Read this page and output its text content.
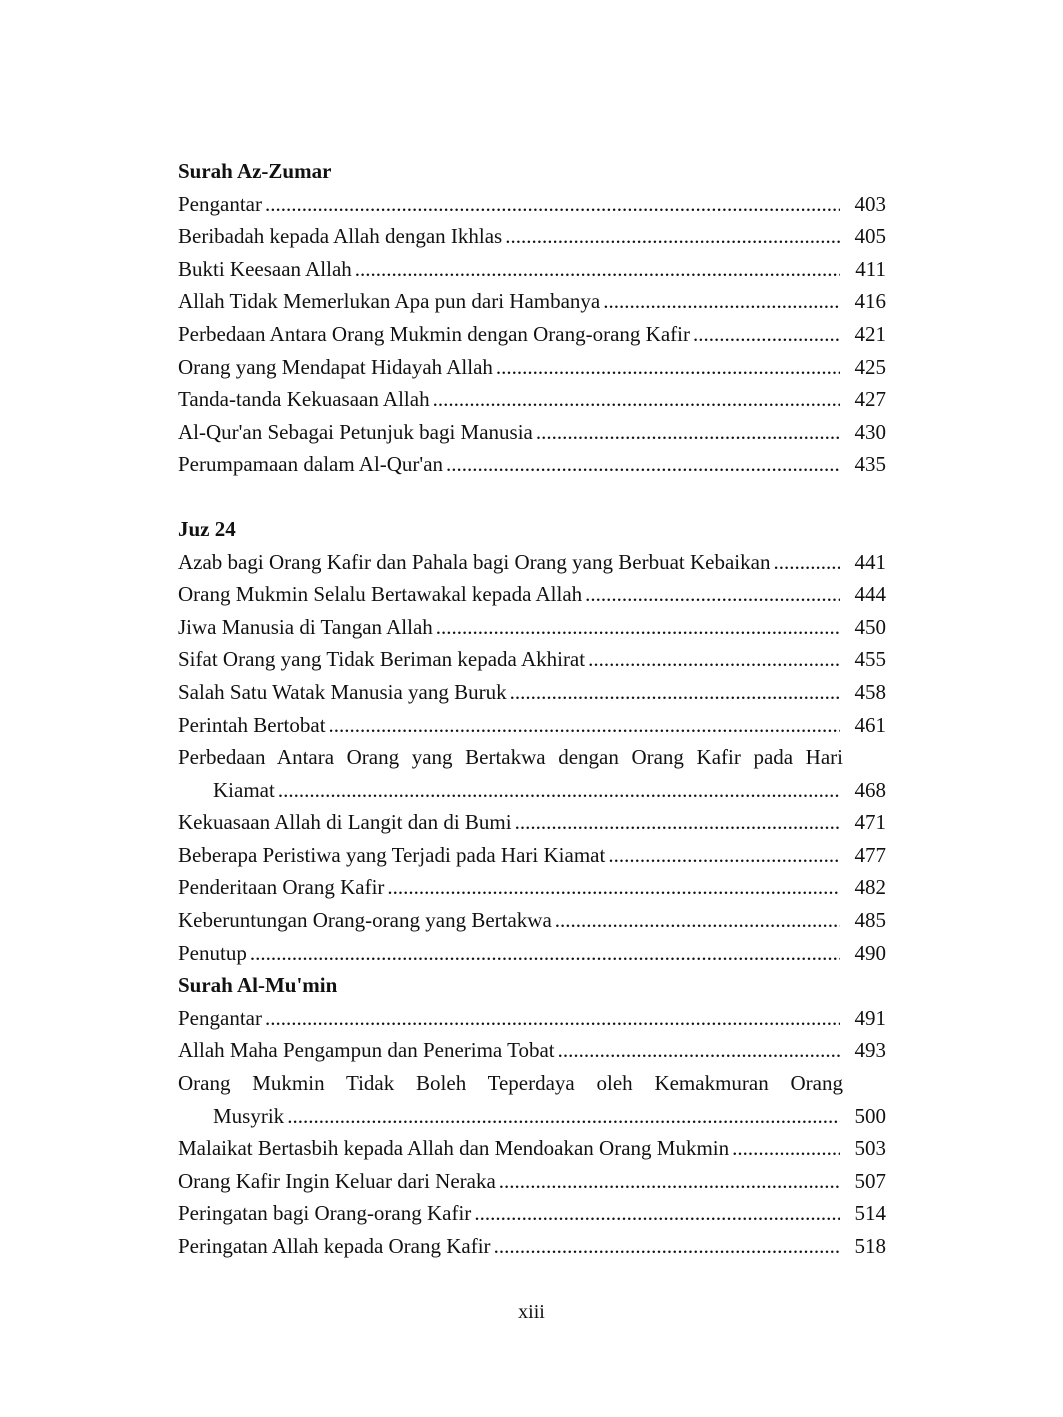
Surah Az-Zumar
Pengantar .....	403
Beribadah kepada Allah dengan Ikhlas .....	405
Bukti Keesaan Allah .....	411
Allah Tidak Memerlukan Apa pun dari Hambanya .....	416
Perbedaan Antara Orang Mukmin dengan Orang-orang Kafir .....	421
Orang yang Mendapat Hidayah Allah .....	425
Tanda-tanda Kekuasaan Allah .....	427
Al-Qur'an Sebagai Petunjuk bagi Manusia .....	430
Perumpamaan dalam Al-Qur'an .....	435
Juz 24
Azab bagi Orang Kafir dan Pahala bagi Orang yang Berbuat Kebaikan .....	441
Orang Mukmin Selalu Bertawakal kepada Allah .....	444
Jiwa Manusia di Tangan Allah .....	450
Sifat Orang yang Tidak Beriman kepada Akhirat .....	455
Salah Satu Watak Manusia yang Buruk .....	458
Perintah Bertobat .....	461
Perbedaan Antara Orang yang Bertakwa dengan Orang Kafir pada Hari
Kiamat .....	468
Kekuasaan Allah di Langit dan di Bumi .....	471
Beberapa Peristiwa yang Terjadi pada Hari Kiamat .....	477
Penderitaan Orang Kafir .....	482
Keberuntungan Orang-orang yang Bertakwa .....	485
Penutup .....	490
Surah Al-Mu'min
Pengantar .....	491
Allah Maha Pengampun dan Penerima Tobat .....	493
Orang Mukmin Tidak Boleh Teperdaya oleh Kemakmuran Orang
Musyrik .....	500
Malaikat Bertasbih kepada Allah dan Mendoakan Orang Mukmin .....	503
Orang Kafir Ingin Keluar dari Neraka .....	507
Peringatan bagi Orang-orang Kafir .....	514
Peringatan Allah kepada Orang Kafir .....	518
xiii
